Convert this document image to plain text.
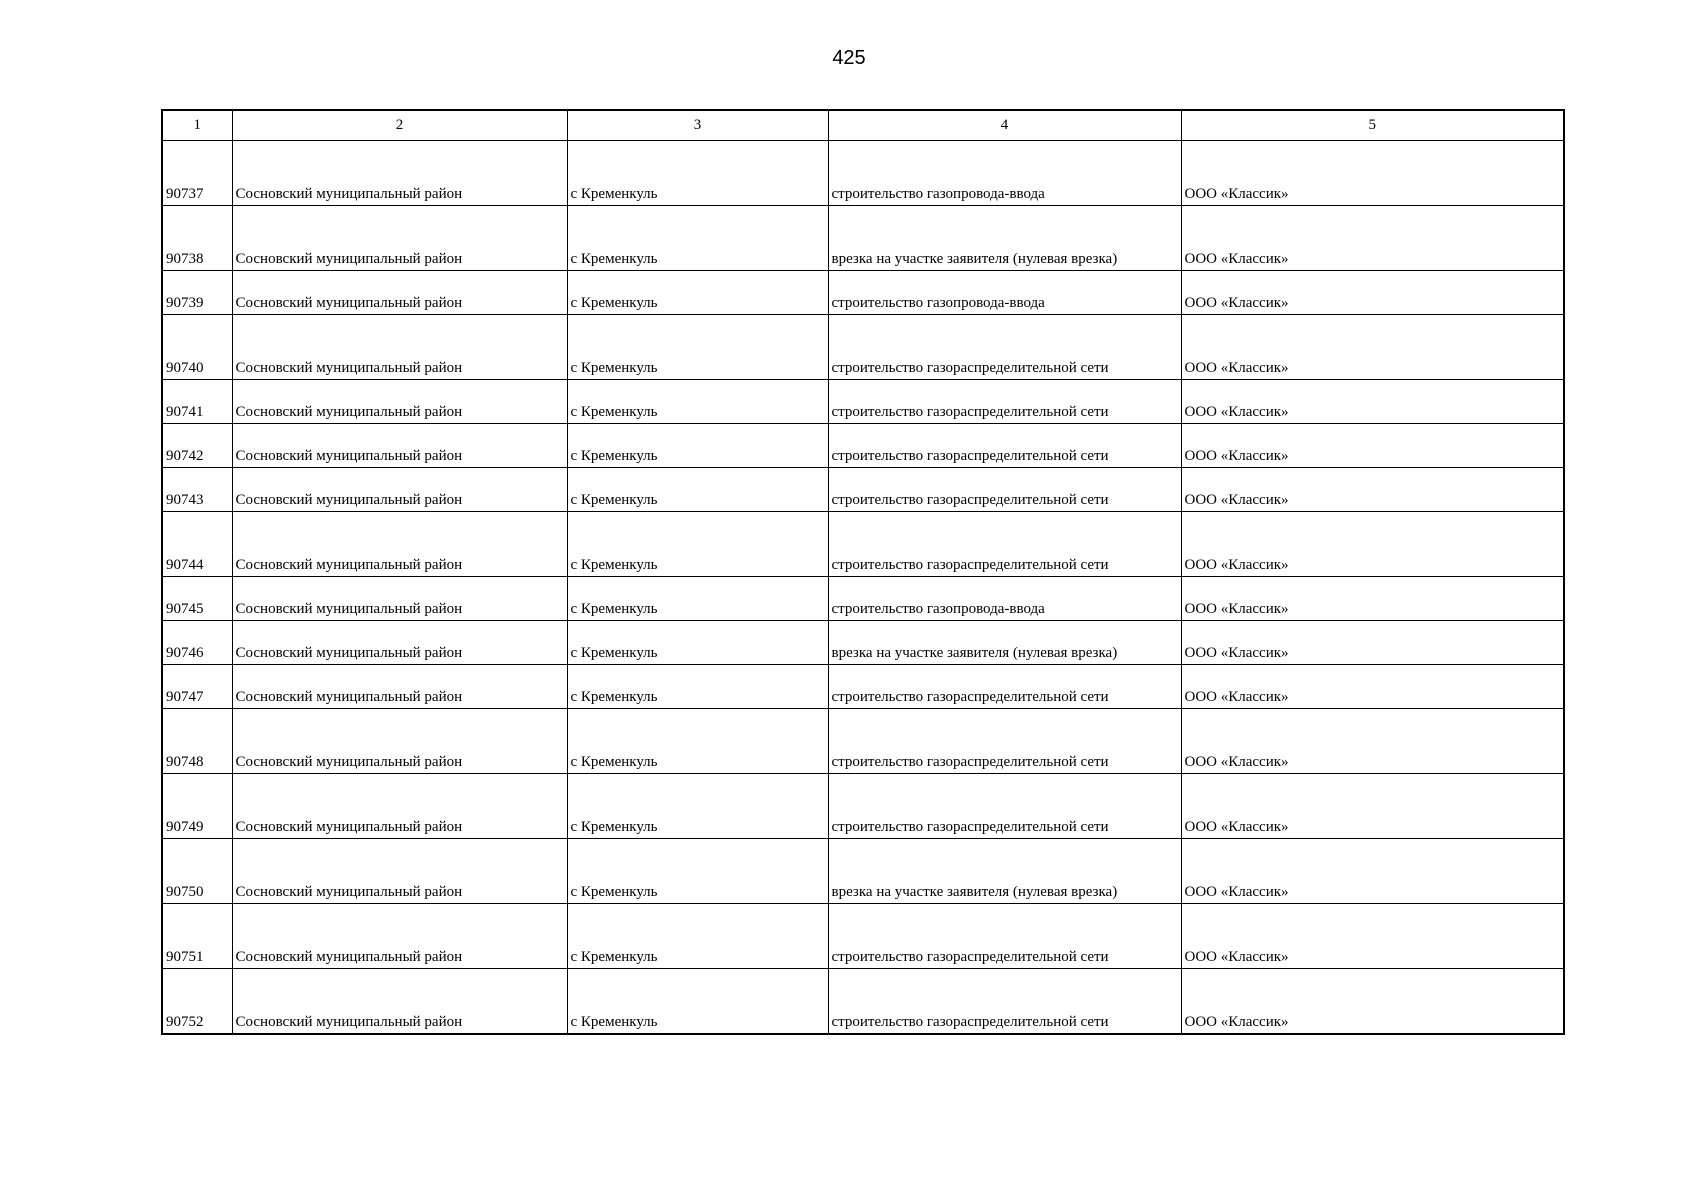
425
1	2	3	4	5
90737	Сосновский муниципальный район	с Кременкуль	строительство газопровода-ввода	ООО «Классик»
90738	Сосновский муниципальный район	с Кременкуль	врезка на участке заявителя (нулевая врезка)	ООО «Классик»
90739	Сосновский муниципальный район	с Кременкуль	строительство газопровода-ввода	ООО «Классик»
90740	Сосновский муниципальный район	с Кременкуль	строительство газораспределительной сети	ООО «Классик»
90741	Сосновский муниципальный район	с Кременкуль	строительство газораспределительной сети	ООО «Классик»
90742	Сосновский муниципальный район	с Кременкуль	строительство газораспределительной сети	ООО «Классик»
90743	Сосновский муниципальный район	с Кременкуль	строительство газораспределительной сети	ООО «Классик»
90744	Сосновский муниципальный район	с Кременкуль	строительство газораспределительной сети	ООО «Классик»
90745	Сосновский муниципальный район	с Кременкуль	строительство газопровода-ввода	ООО «Классик»
90746	Сосновский муниципальный район	с Кременкуль	врезка на участке заявителя (нулевая врезка)	ООО «Классик»
90747	Сосновский муниципальный район	с Кременкуль	строительство газораспределительной сети	ООО «Классик»
90748	Сосновский муниципальный район	с Кременкуль	строительство газораспределительной сети	ООО «Классик»
90749	Сосновский муниципальный район	с Кременкуль	строительство газораспределительной сети	ООО «Классик»
90750	Сосновский муниципальный район	с Кременкуль	врезка на участке заявителя (нулевая врезка)	ООО «Классик»
90751	Сосновский муниципальный район	с Кременкуль	строительство газораспределительной сети	ООО «Классик»
90752	Сосновский муниципальный район	с Кременкуль	строительство газораспределительной сети	ООО «Классик»
